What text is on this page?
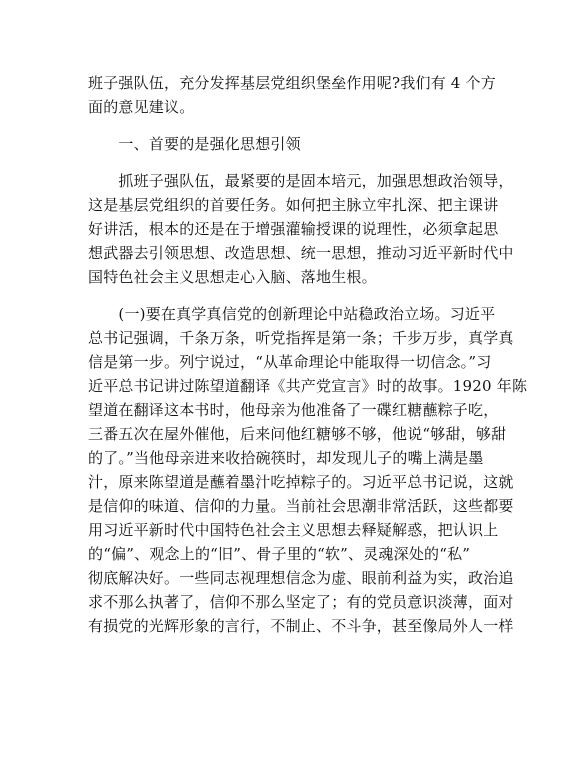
班子强队伍，充分发挥基层党组织堡垒作用呢?我们有 4 个方
面的意见建议。

　　一、首要的是强化思想引领

　　抓班子强队伍，最紧要的是固本培元，加强思想政治领导，
这是基层党组织的首要任务。如何把主脉立牢扎深、把主课讲
好讲活，根本的还是在于增强灌输授课的说理性，必须拿起思
想武器去引领思想、改造思想、统一思想，推动习近平新时代中
国特色社会主义思想走心入脑、落地生根。

　　(一)要在真学真信党的创新理论中站稳政治立场。习近平
总书记强调，千条万条，听党指挥是第一条；千步万步，真学真
信是第一步。列宁说过，“从革命理论中能取得一切信念。”习
近平总书记讲过陈望道翻译《共产党宣言》时的故事。1920 年陈
望道在翻译这本书时，他母亲为他准备了一碟红糖蘸粽子吃，
三番五次在屋外催他，后来问他红糖够不够，他说“够甜，够甜
的了。”当他母亲进来收拾碗筷时，却发现儿子的嘴上满是墨
汁，原来陈望道是蘸着墨汁吃掉粽子的。习近平总书记说，这就
是信仰的味道、信仰的力量。当前社会思潮非常活跃，这些都要
用习近平新时代中国特色社会主义思想去释疑解惑，把认识上
的“偏”、观念上的“旧”、骨子里的“软”、灵魂深处的“私”
彻底解决好。一些同志视理想信念为虚、眼前利益为实，政治追
求不那么执著了，信仰不那么坚定了；有的党员意识淡薄，面对
有损党的光辉形象的言行，不制止、不斗争，甚至像局外人一样
